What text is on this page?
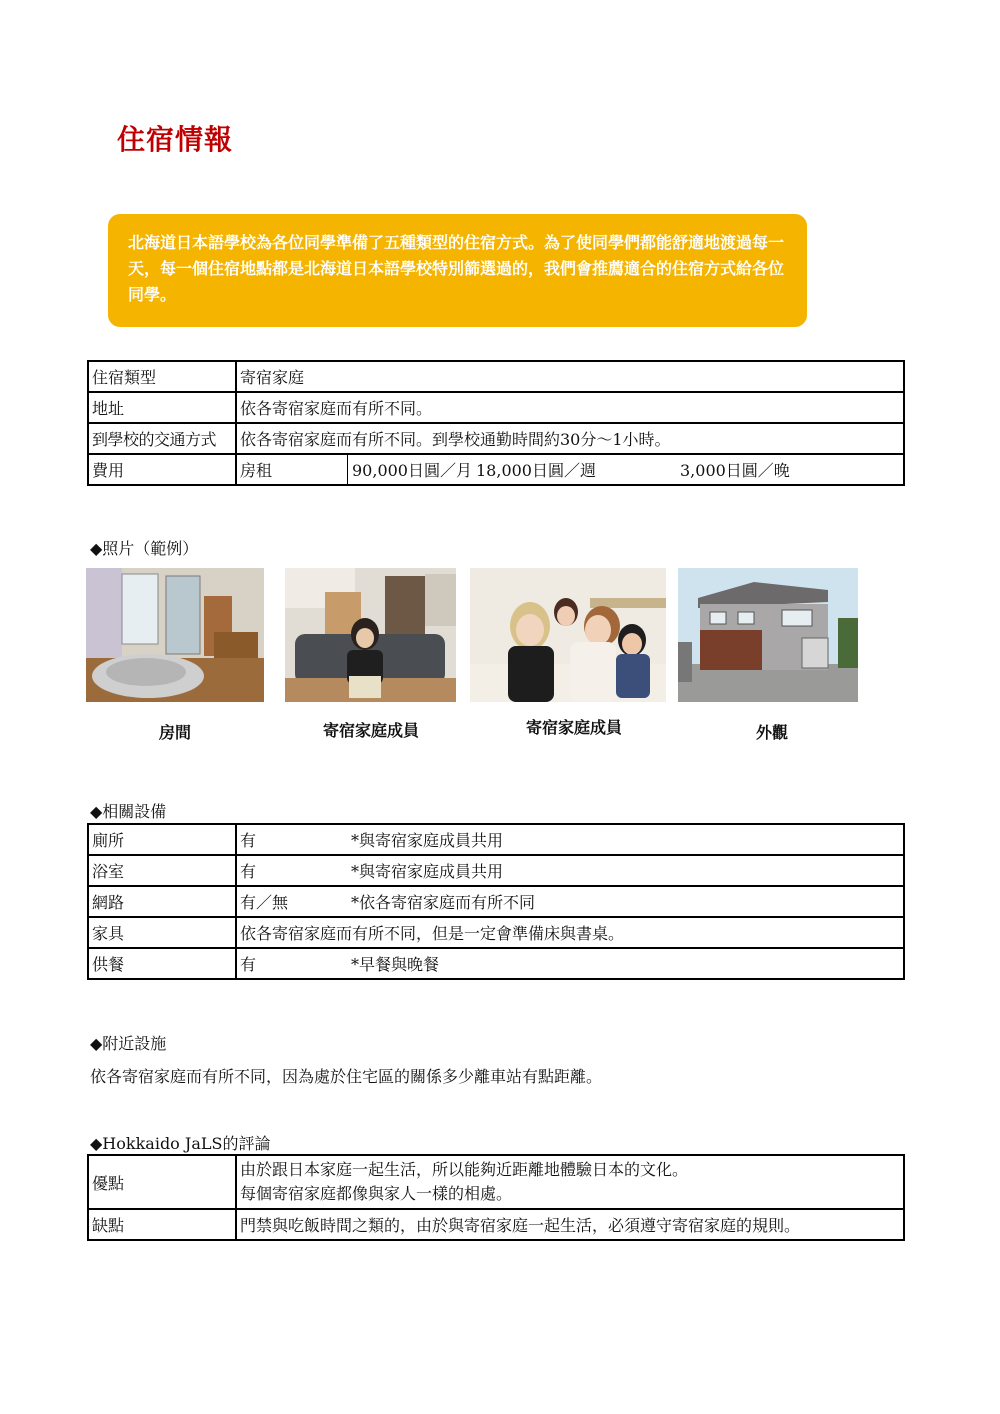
住宿情報
北海道日本語學校為各位同學準備了五種類型的住宿方式。為了使同學們都能舒適地渡過每一天，每一個住宿地點都是北海道日本語學校特別篩選過的，我們會推薦適合的住宿方式給各位同學。
住宿類型	寄宿家庭
地址	依各寄宿家庭而有所不同。
到學校的交通方式	依各寄宿家庭而有所不同。到學校通勤時間約30分～1小時。
費用	房租 90,000日圓／月 18,000日圓／週 3,000日圓／晚
◆照片（範例）
房間	寄宿家庭成員	寄宿家庭成員	外觀
◆相關設備
廁所	有 *與寄宿家庭成員共用
浴室	有 *與寄宿家庭成員共用
網路	有／無 *依各寄宿家庭而有所不同
家具	依各寄宿家庭而有所不同，但是一定會準備床與書桌。
供餐	有 *早餐與晚餐
◆附近設施
依各寄宿家庭而有所不同，因為處於住宅區的關係多少離車站有點距離。
◆Hokkaido JaLS的評論
優點	由於跟日本家庭一起生活，所以能夠近距離地體驗日本的文化。
每個寄宿家庭都像與家人一樣的相處。

缺點	門禁與吃飯時間之類的，由於與寄宿家庭一起生活，必須遵守寄宿家庭的規則。
